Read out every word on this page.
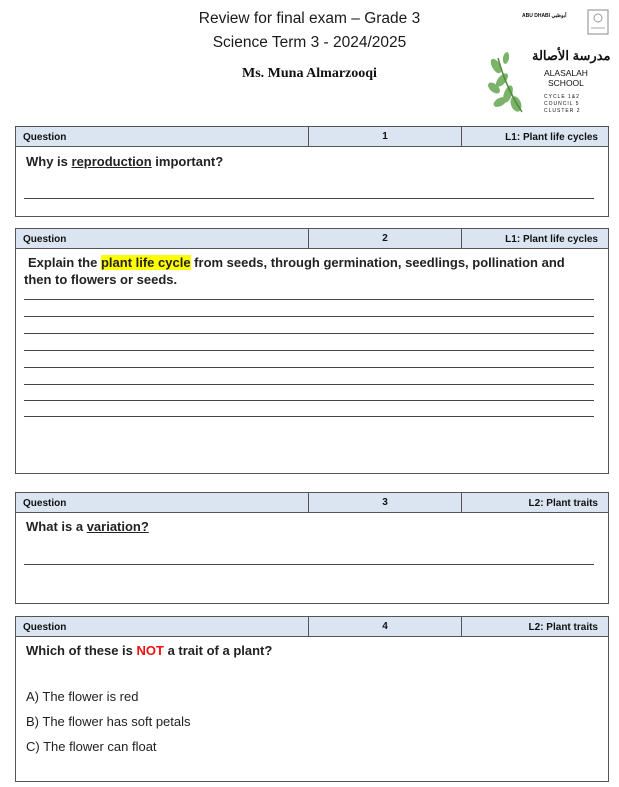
Review for final exam – Grade 3
Science Term 3 - 2024/2025
Ms. Muna Almarzooqi
ABU DHABI أبوظبي
مدرسة الأصالة
ALASALAH
SCHOOL
CYCLE 1&2
COUNCIL 5
CLUSTER 2
Question	1	L1: Plant life cycles
Why is reproduction important?
Question	2	L1: Plant life cycles
Explain the plant life cycle from seeds, through germination, seedlings, pollination and
then to flowers or seeds.
Question	3	L2: Plant traits
What is a variation?
Question	4	L2: Plant traits
Which of these is NOT a trait of a plant?
A) The flower is red
B) The flower has soft petals
C) The flower can float
